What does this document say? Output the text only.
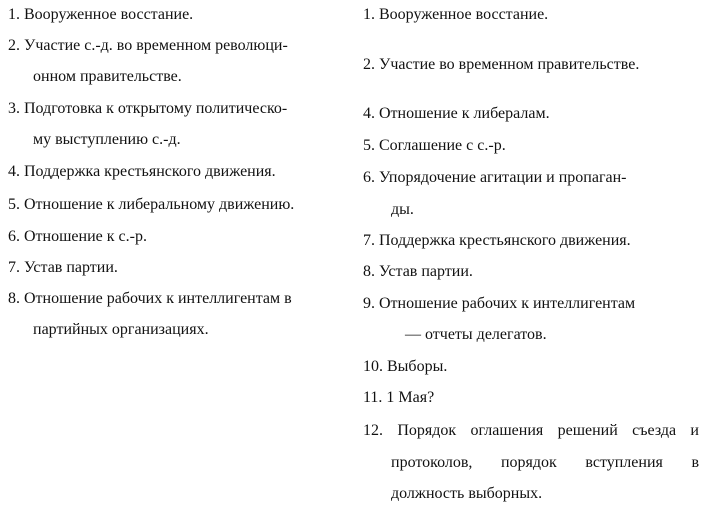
1. Вооруженное восстание.
2. Участие с.-д. во временном революци-
онном правительстве.
3. Подготовка к открытому политическо-
му выступлению с.-д.
4. Поддержка крестьянского движения.
5. Отношение к либеральному движению.
6. Отношение к с.-р.
7. Устав партии.
8. Отношение рабочих к интеллигентам в
партийных организациях.
1. Вооруженное восстание.
2. Участие во временном правительстве.
4. Отношение к либералам.
5. Соглашение с с.-р.
6. Упорядочение агитации и пропаган-
ды.
7. Поддержка крестьянского движения.
8. Устав партии.
9. Отношение рабочих к интеллигентам
— отчеты делегатов.
10. Выборы.
11. 1 Мая?
12. Порядок оглашения решений съезда и
протоколов, порядок вступления в
должность выборных.
